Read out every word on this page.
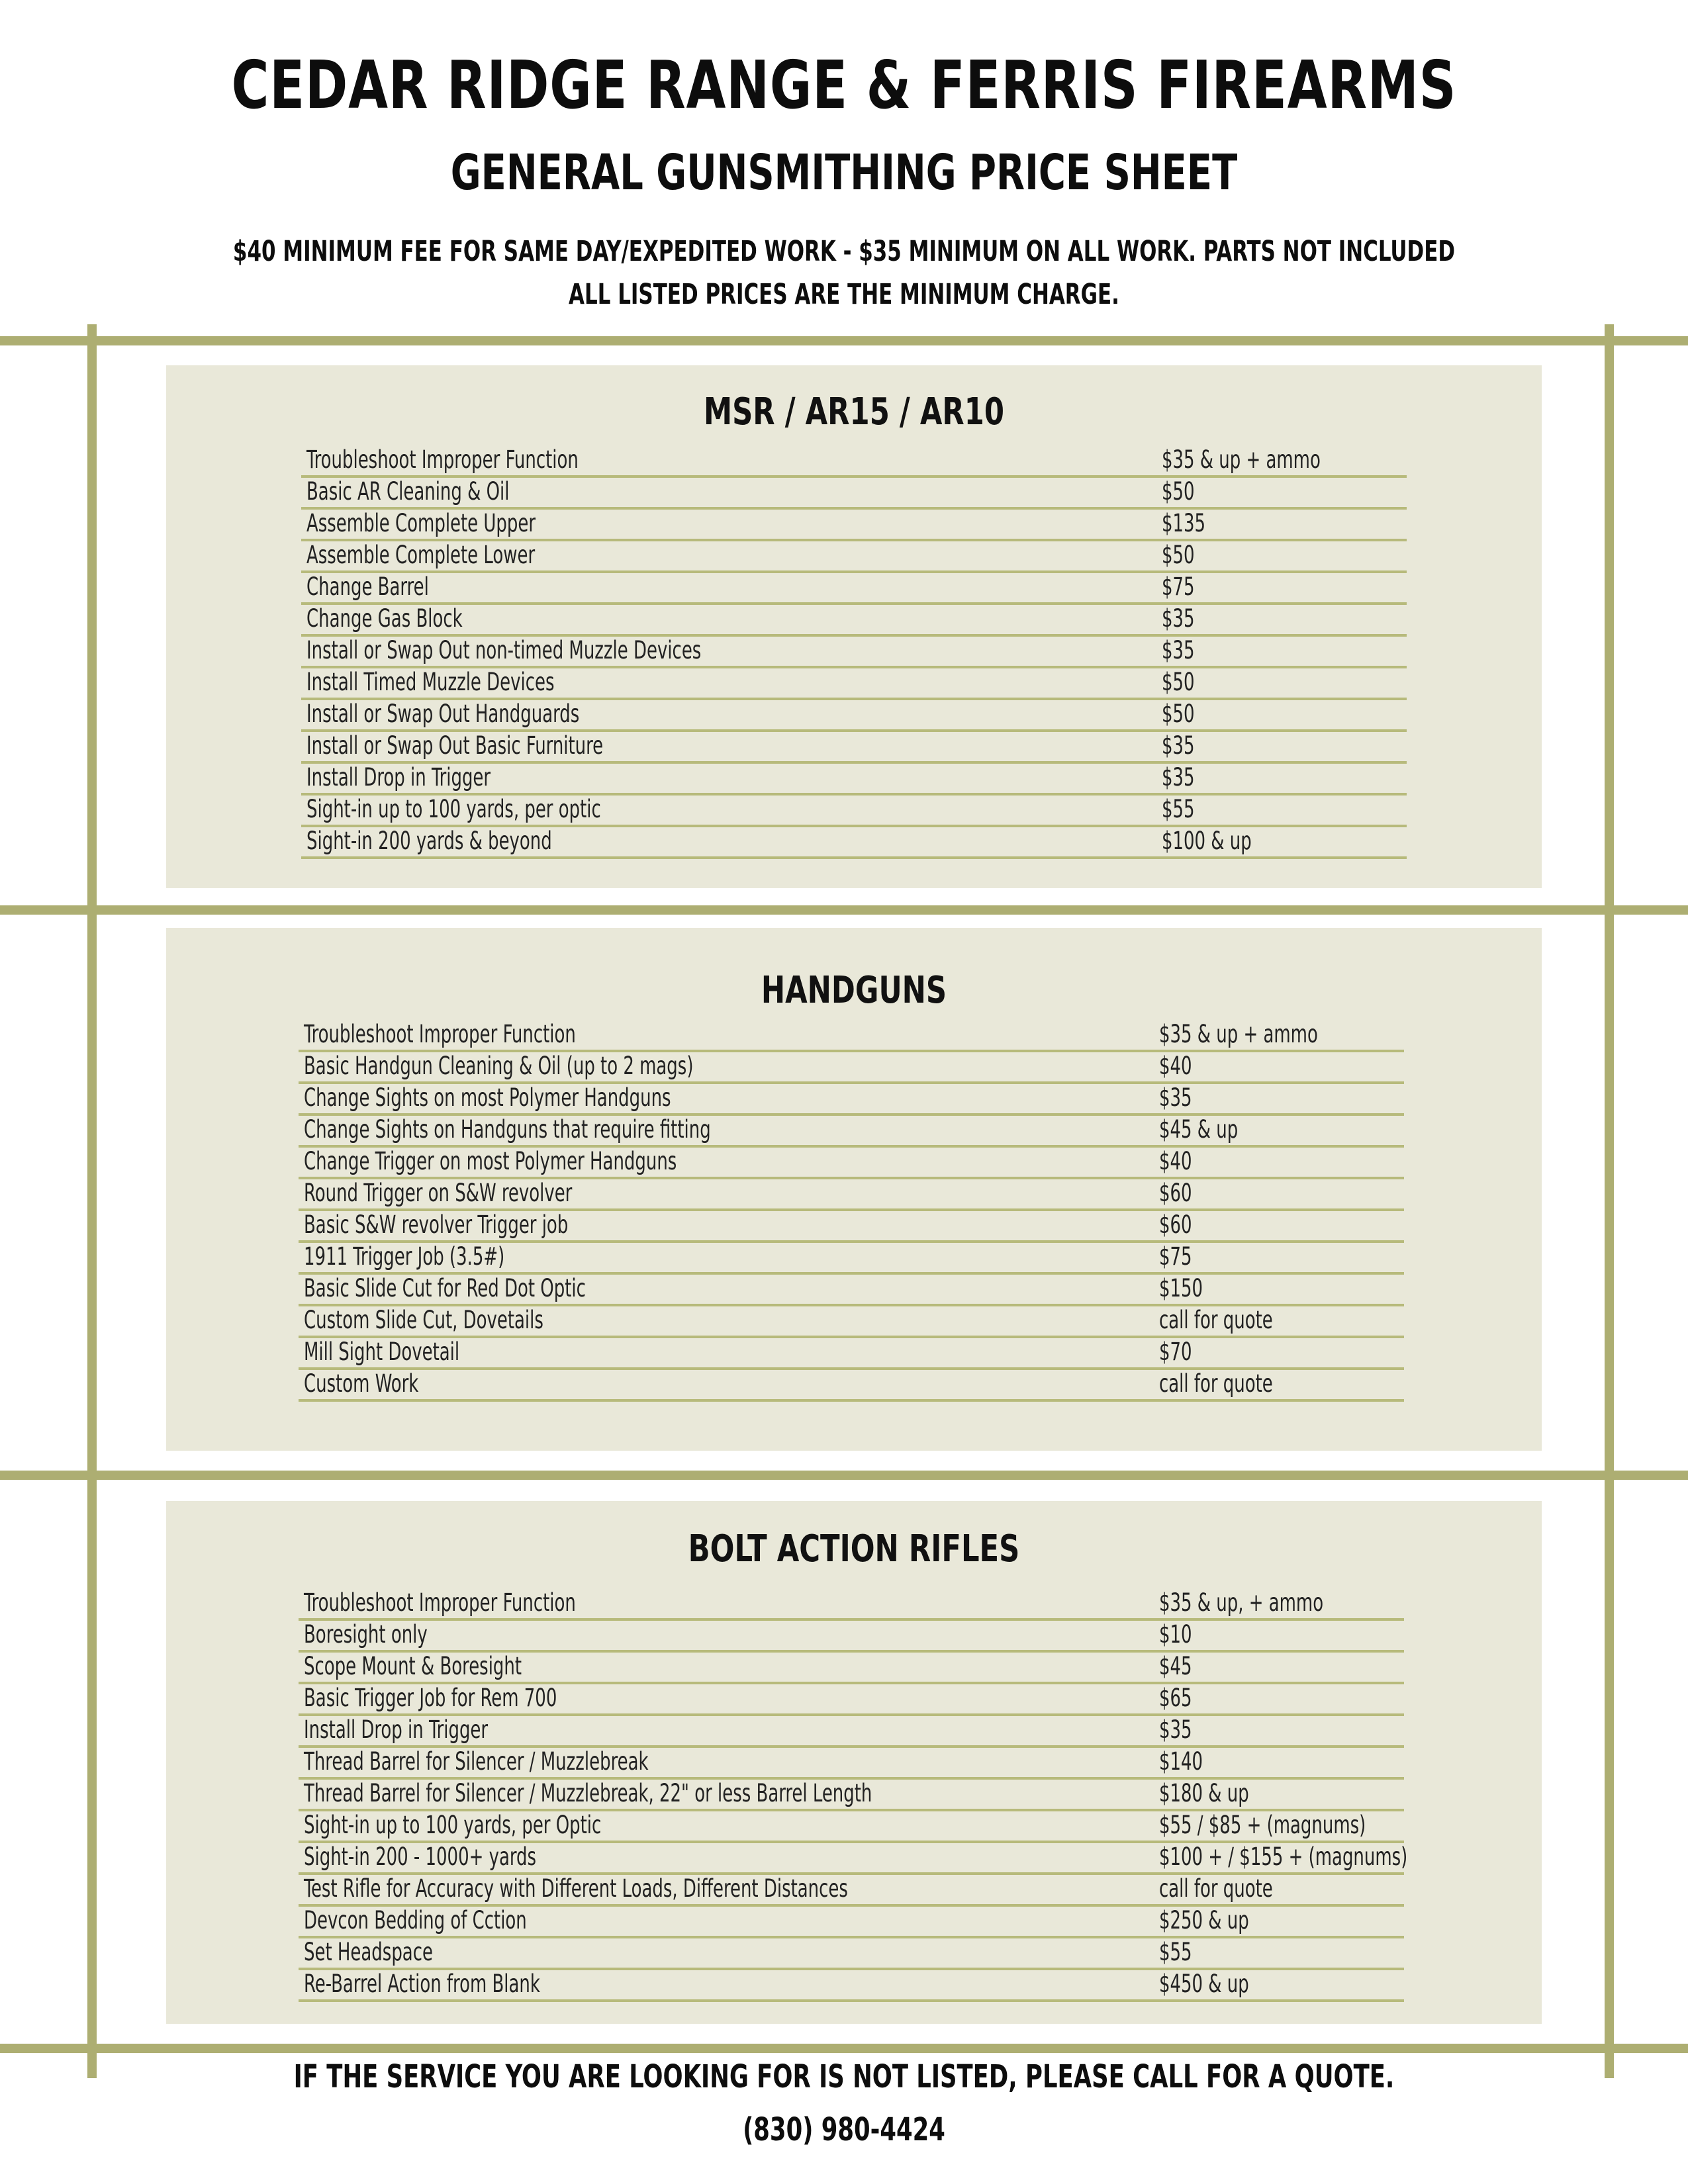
CEDAR RIDGE RANGE & FERRIS FIREARMS
GENERAL GUNSMITHING PRICE SHEET
$40 MINIMUM FEE FOR SAME DAY/EXPEDITED WORK - $35 MINIMUM ON ALL WORK. PARTS NOT INCLUDED
ALL LISTED PRICES ARE THE MINIMUM CHARGE.
MSR / AR15 / AR10
Troubleshoot Improper Function	$35 & up + ammo
Basic AR Cleaning & Oil	$50
Assemble Complete Upper	$135
Assemble Complete Lower	$50
Change Barrel	$75
Change Gas Block	$35
Install or Swap Out non-timed Muzzle Devices	$35
Install Timed Muzzle Devices	$50
Install or Swap Out Handguards	$50
Install or Swap Out Basic Furniture	$35
Install Drop in Trigger	$35
Sight-in up to 100 yards, per optic	$55
Sight-in 200 yards & beyond	$100 & up
HANDGUNS
Troubleshoot Improper Function	$35 & up + ammo
Basic Handgun Cleaning & Oil (up to 2 mags)	$40
Change Sights on most Polymer Handguns	$35
Change Sights on Handguns that require fitting	$45 & up
Change Trigger on most Polymer Handguns	$40
Round Trigger on S&W revolver	$60
Basic S&W revolver Trigger job	$60
1911 Trigger Job (3.5#)	$75
Basic Slide Cut for Red Dot Optic	$150
Custom Slide Cut, Dovetails	call for quote
Mill Sight Dovetail	$70
Custom Work	call for quote
BOLT ACTION RIFLES
Troubleshoot Improper Function	$35 & up, + ammo
Boresight only	$10
Scope Mount & Boresight	$45
Basic Trigger Job for Rem 700	$65
Install Drop in Trigger	$35
Thread Barrel for Silencer / Muzzlebreak	$140
Thread Barrel for Silencer / Muzzlebreak, 22" or less Barrel Length	$180 & up
Sight-in up to 100 yards, per Optic	$55 / $85 + (magnums)
Sight-in 200 - 1000+ yards	$100 + / $155 + (magnums)
Test Rifle for Accuracy with Different Loads, Different Distances	call for quote
Devcon Bedding of Cction	$250 & up
Set Headspace	$55
Re-Barrel Action from Blank	$450 & up
IF THE SERVICE YOU ARE LOOKING FOR IS NOT LISTED, PLEASE CALL FOR A QUOTE.
(830) 980-4424
